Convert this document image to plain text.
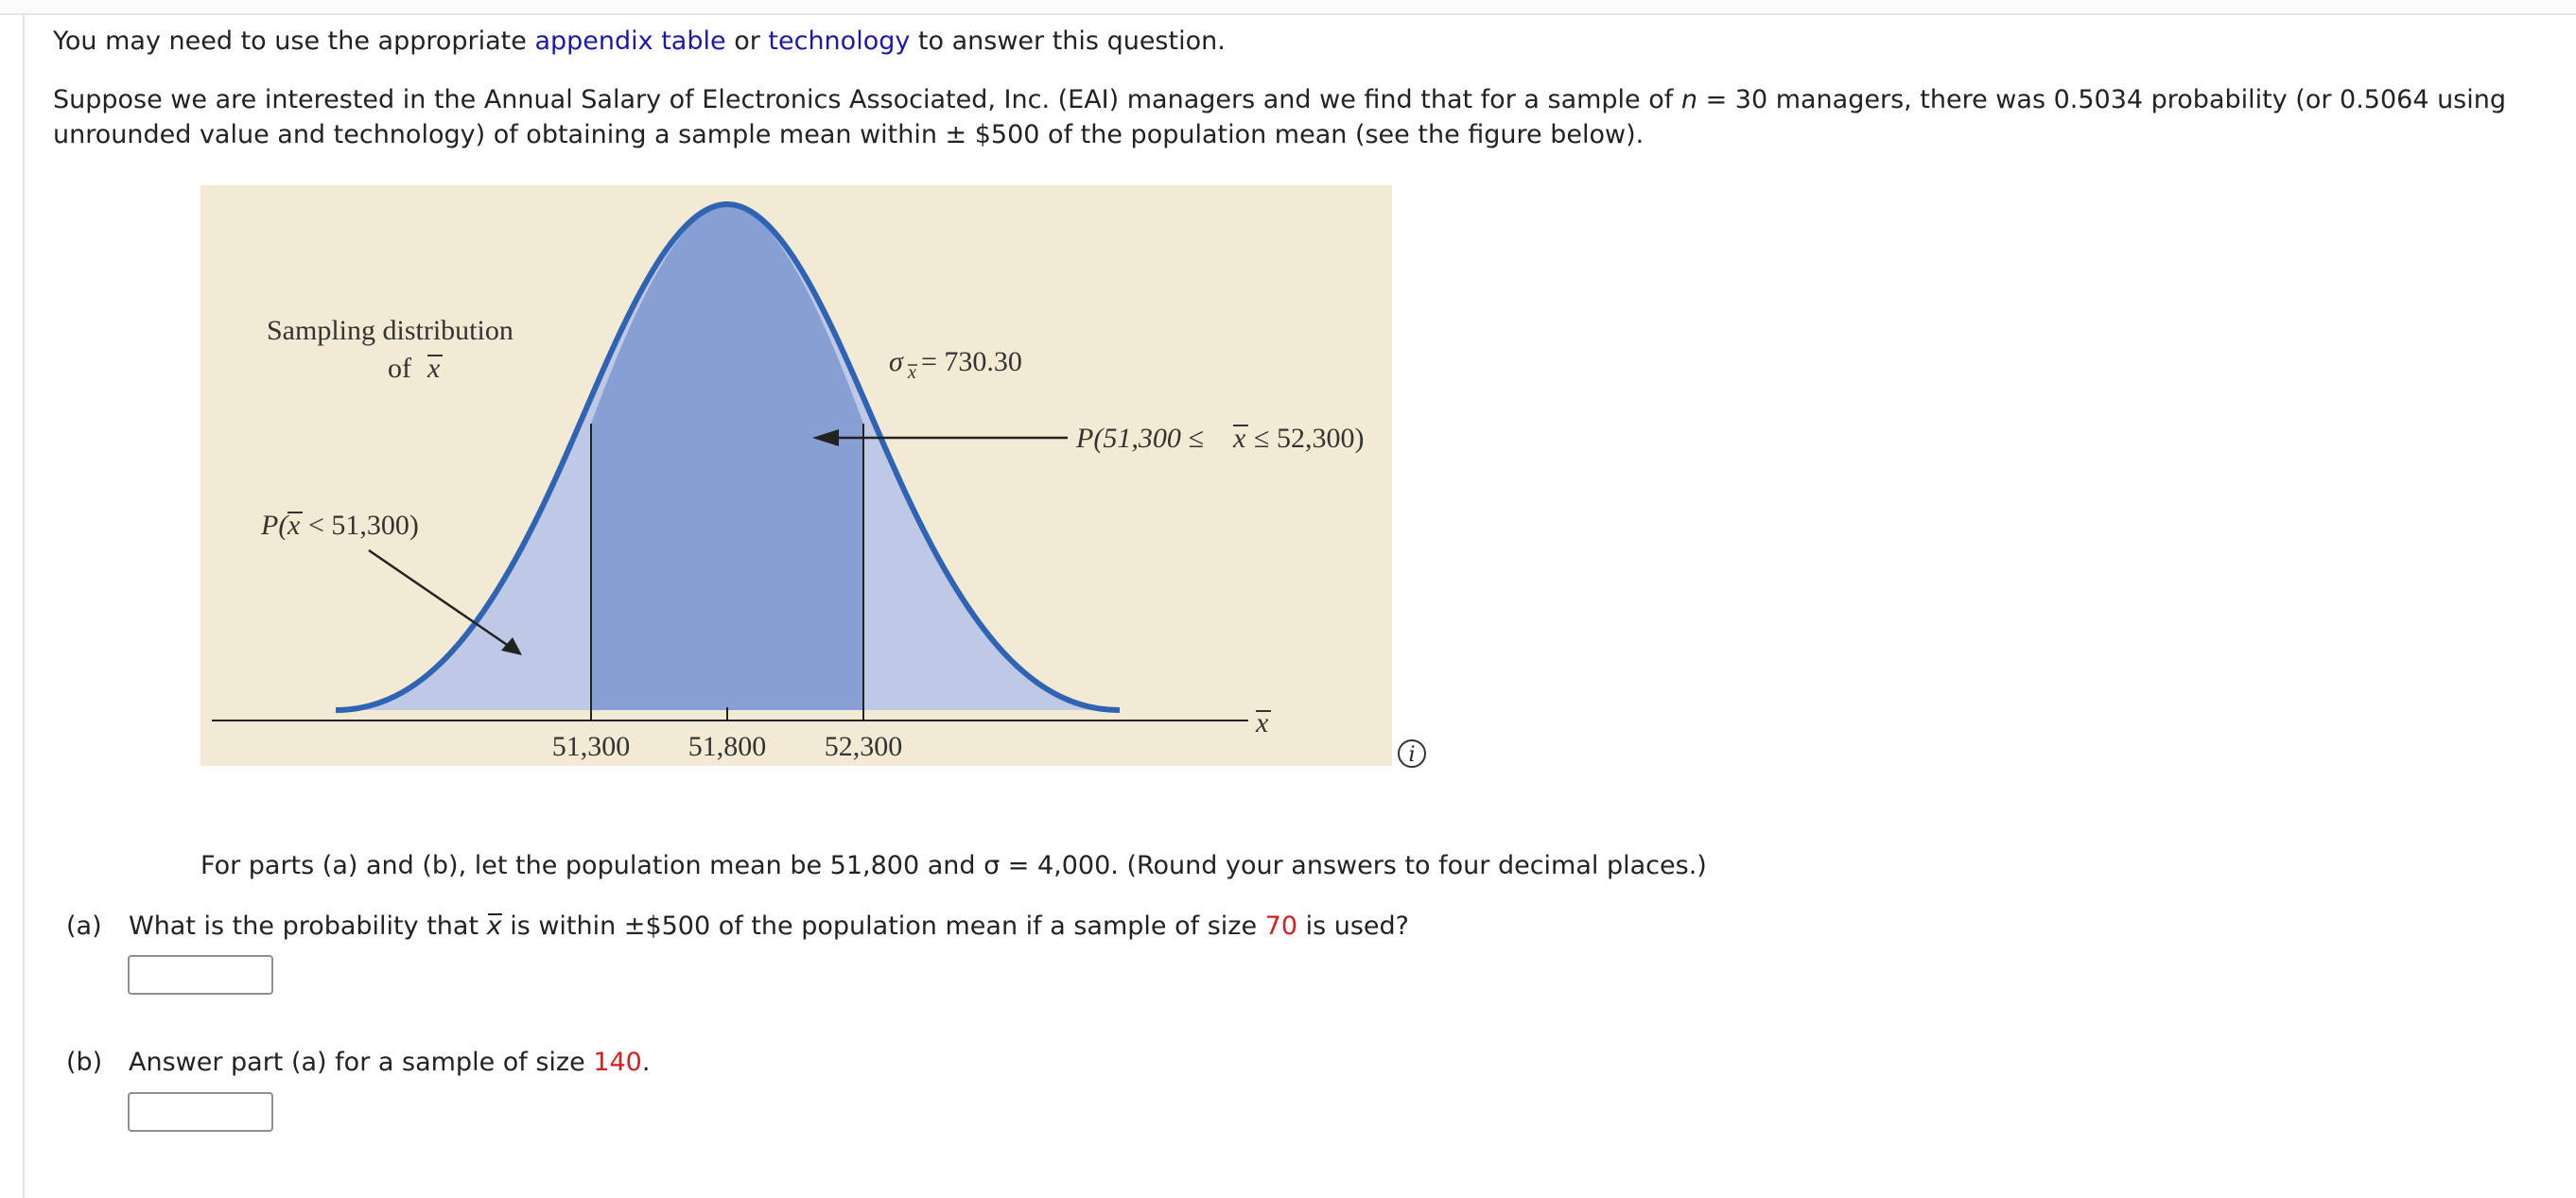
You may need to use the appropriate appendix table or technology to answer this question.
Suppose we are interested in the Annual Salary of Electronics Associated, Inc. (EAI) managers and we find that for a sample of n = 30 managers, there was 0.5034 probability (or 0.5064 using
unrounded value and technology) of obtaining a sample mean within ± $500 of the population mean (see the figure below).
Sampling distribution
of x	σ x = 730.30
P( x < 51,300)
P(51,300 ≤ x ≤ 52,300)
x
51,300 51,800 52,300	i
For parts (a) and (b), let the population mean be 51,800 and σ = 4,000. (Round your answers to four decimal places.)
(a) What is the probability that x is within ±$500 of the population mean if a sample of size 70 is used?
(b) Answer part (a) for a sample of size 140.
